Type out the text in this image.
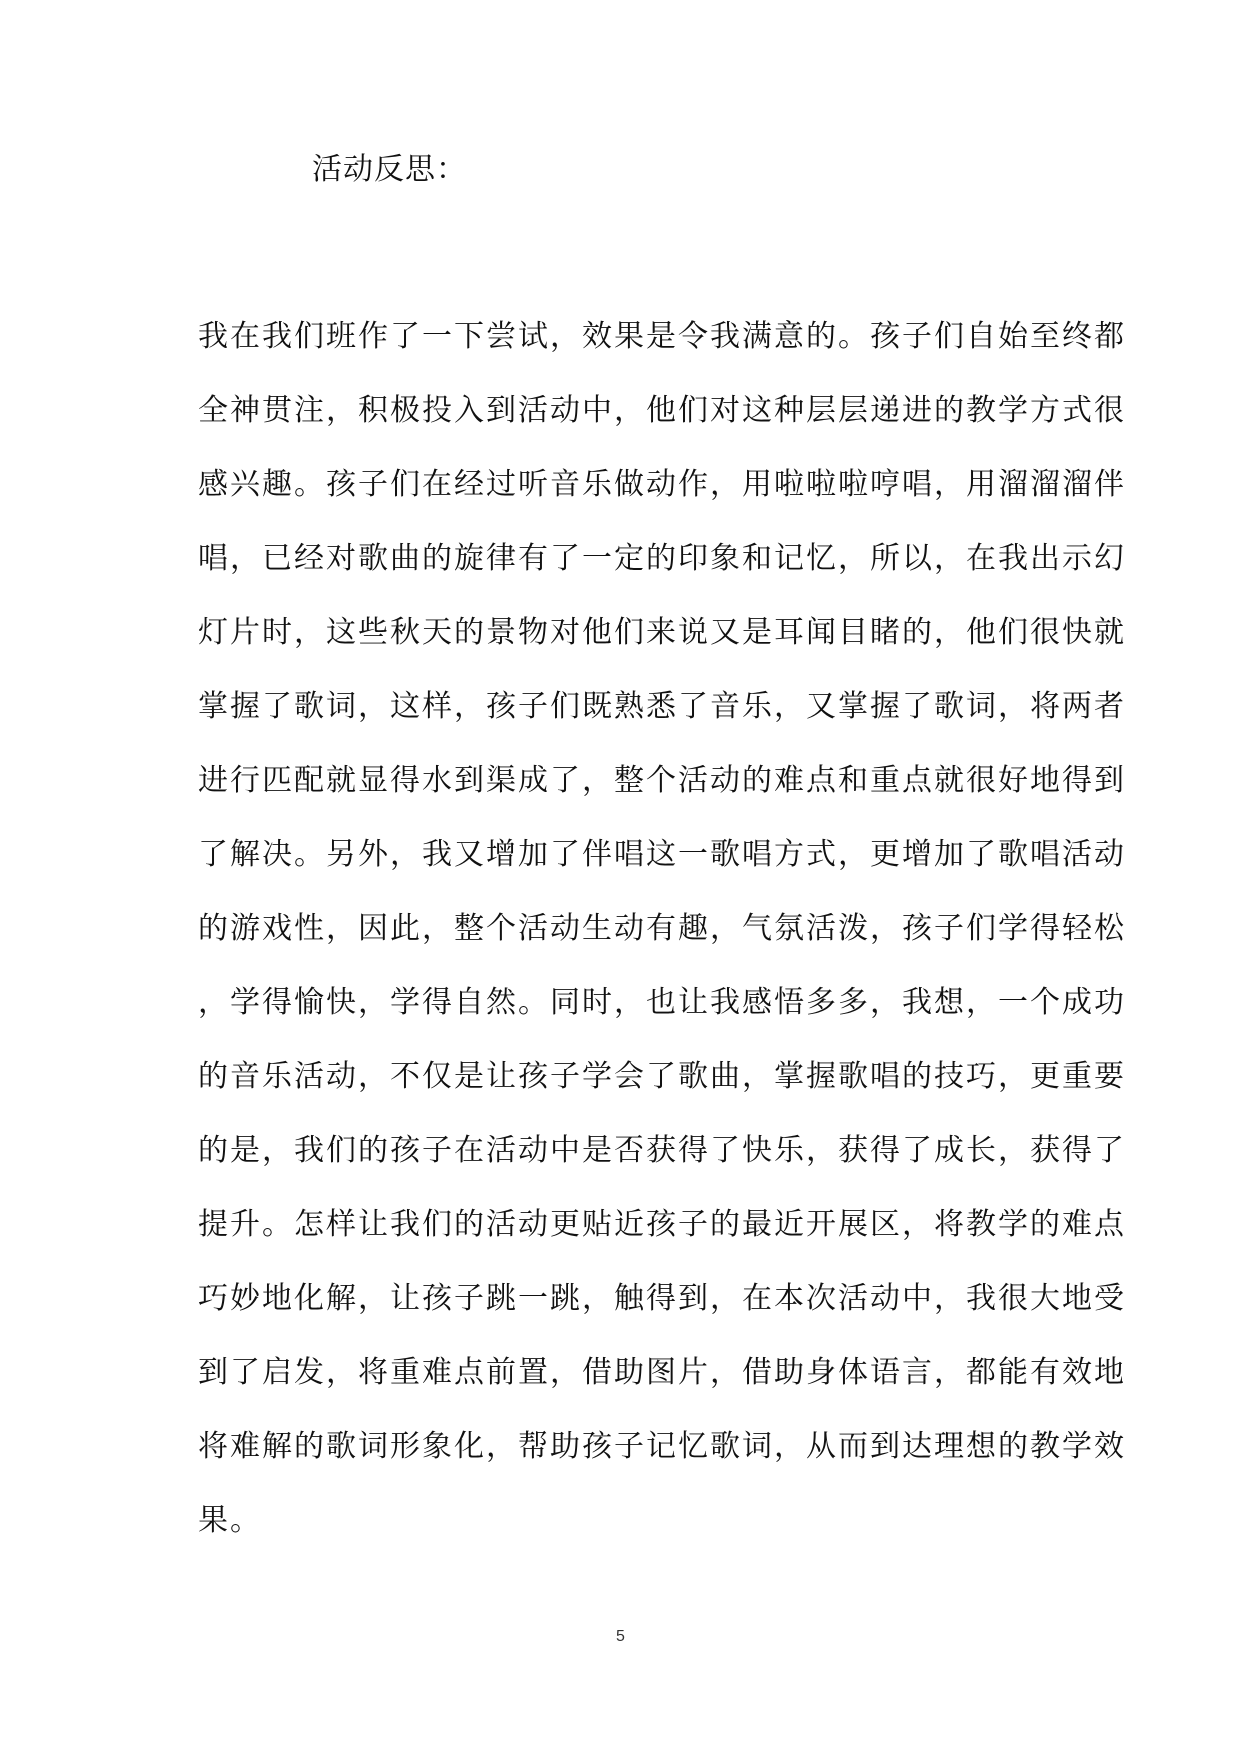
活动反思：
我在我们班作了一下尝试，效果是令我满意的。孩子们自始至终都
全神贯注，积极投入到活动中，他们对这种层层递进的教学方式很
感兴趣。孩子们在经过听音乐做动作，用啦啦啦哼唱，用溜溜溜伴
唱，已经对歌曲的旋律有了一定的印象和记忆，所以，在我出示幻
灯片时，这些秋天的景物对他们来说又是耳闻目睹的，他们很快就
掌握了歌词，这样，孩子们既熟悉了音乐，又掌握了歌词，将两者
进行匹配就显得水到渠成了，整个活动的难点和重点就很好地得到
了解决。另外，我又增加了伴唱这一歌唱方式，更增加了歌唱活动
的游戏性，因此，整个活动生动有趣，气氛活泼，孩子们学得轻松
，学得愉快，学得自然。同时，也让我感悟多多，我想，一个成功
的音乐活动，不仅是让孩子学会了歌曲，掌握歌唱的技巧，更重要
的是，我们的孩子在活动中是否获得了快乐，获得了成长，获得了
提升。怎样让我们的活动更贴近孩子的最近开展区，将教学的难点
巧妙地化解，让孩子跳一跳，触得到，在本次活动中，我很大地受
到了启发，将重难点前置，借助图片，借助身体语言，都能有效地
将难解的歌词形象化，帮助孩子记忆歌词，从而到达理想的教学效
果。
5
